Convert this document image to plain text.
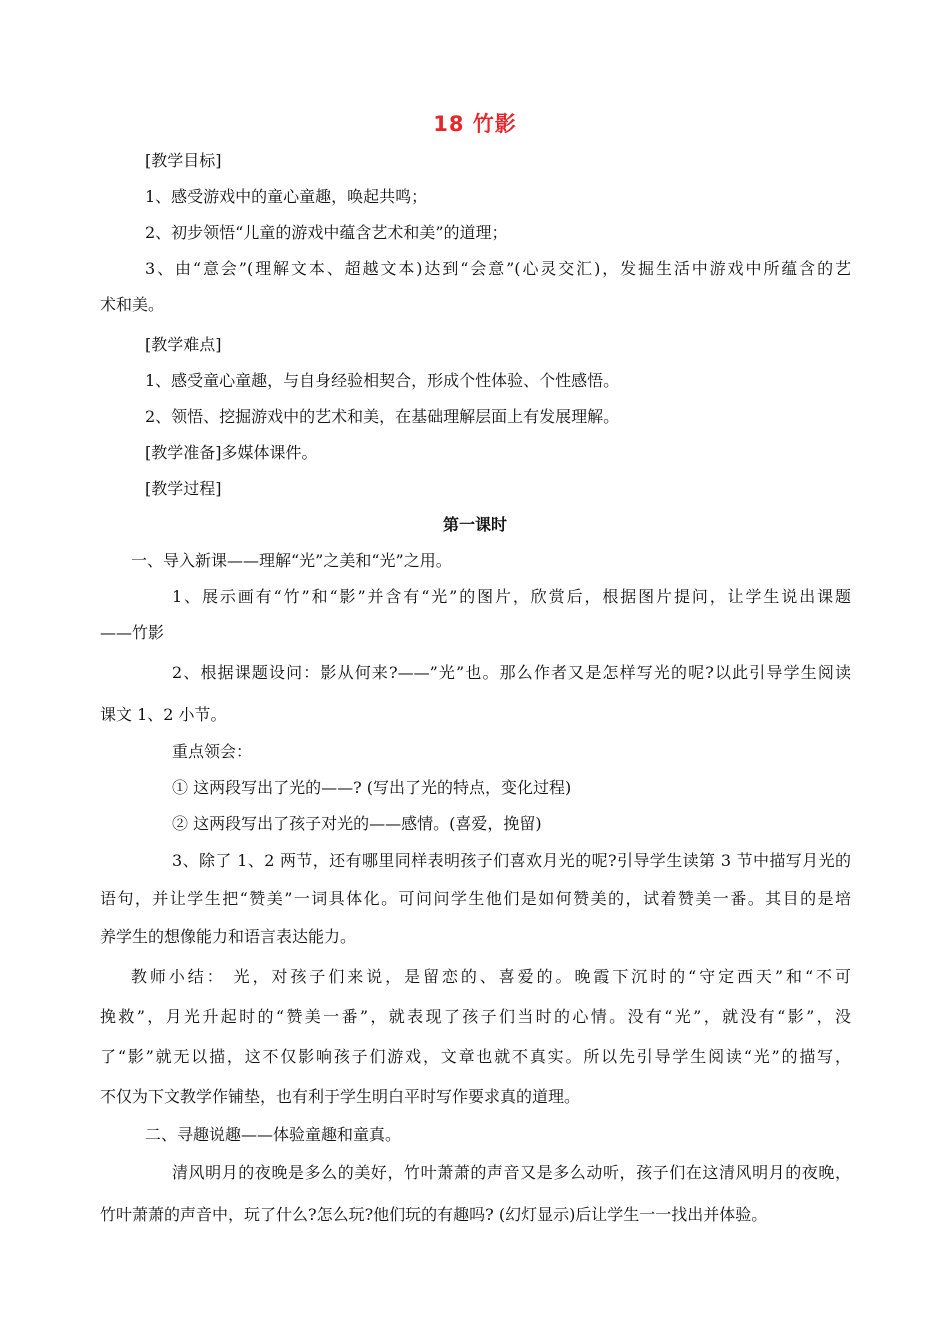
18 竹影
[教学目标]
1、感受游戏中的童心童趣，唤起共鸣；
2、初步领悟“儿童的游戏中蕴含艺术和美”的道理；
3、由“意会”(理解文本、超越文本)达到“会意”(心灵交汇)，发掘生活中游戏中所蕴含的艺
术和美。
[教学难点]
1、感受童心童趣，与自身经验相契合，形成个性体验、个性感悟。
2、领悟、挖掘游戏中的艺术和美，在基础理解层面上有发展理解。
[教学准备]多媒体课件。
[教学过程]
第一课时
一、导入新课——理解“光”之美和“光”之用。
1、展示画有“竹”和“影”并含有“光”的图片，欣赏后，根据图片提问，让学生说出课题
——竹影
2、根据课题设问：影从何来?——”光”也。那么作者又是怎样写光的呢?以此引导学生阅读
课文 1、2 小节。
重点领会：
① 这两段写出了光的——? (写出了光的特点，变化过程)
② 这两段写出了孩子对光的——感情。(喜爱，挽留)
3、除了 1、2 两节，还有哪里同样表明孩子们喜欢月光的呢?引导学生读第 3 节中描写月光的
语句，并让学生把“赞美”一词具体化。可问问学生他们是如何赞美的，试着赞美一番。其目的是培
养学生的想像能力和语言表达能力。
教师小结： 光，对孩子们来说，是留恋的、喜爱的。晚霞下沉时的“守定西天”和“不可
挽救”，月光升起时的“赞美一番”，就表现了孩子们当时的心情。没有“光”，就没有“影”，没
了“影”就无以描，这不仅影响孩子们游戏，文章也就不真实。所以先引导学生阅读“光”的描写，
不仅为下文教学作铺垫，也有利于学生明白平时写作要求真的道理。
二、寻趣说趣——体验童趣和童真。
清风明月的夜晚是多么的美好，竹叶萧萧的声音又是多么动听，孩子们在这清风明月的夜晚，
竹叶萧萧的声音中，玩了什么?怎么玩?他们玩的有趣吗? (幻灯显示)后让学生一一找出并体验。
